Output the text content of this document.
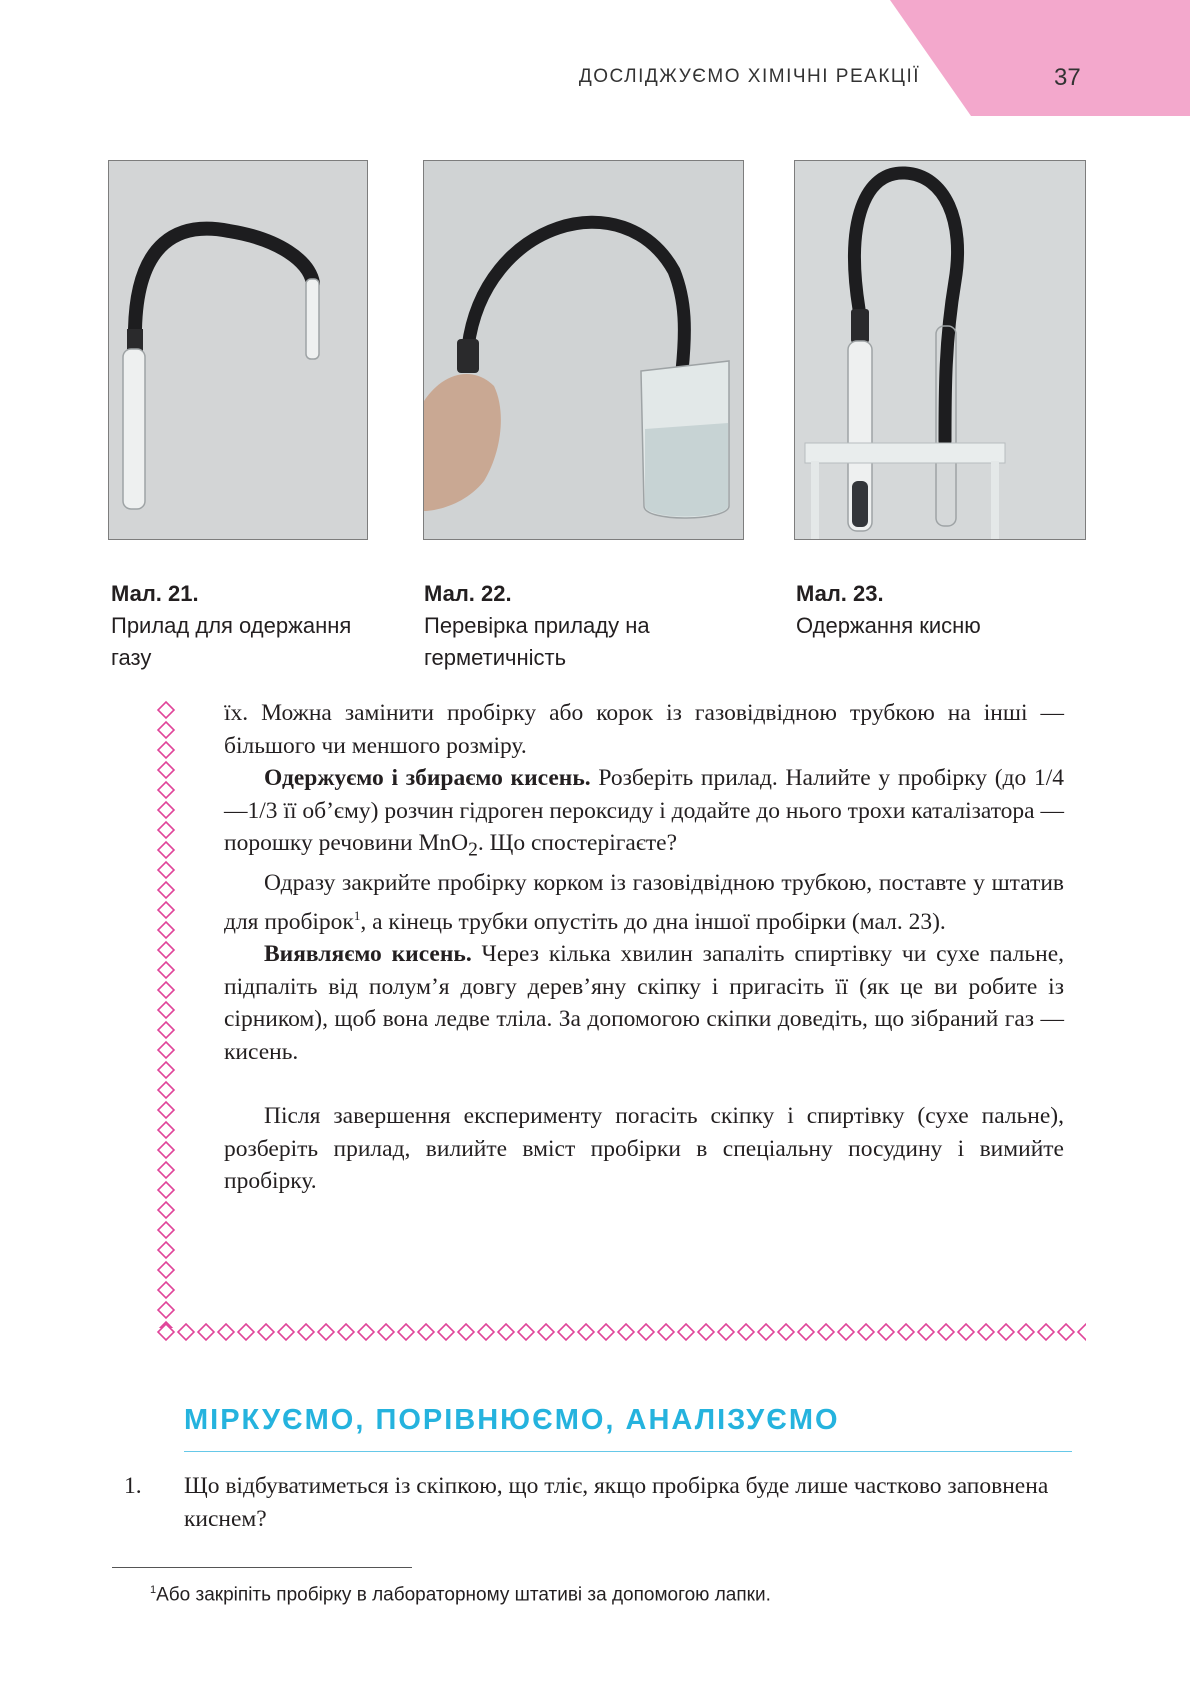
ДОСЛІДЖУЄМО ХІМІЧНІ РЕАКЦІЇ	37
Мал. 21.
Прилад для одержання газу
Мал. 22.
Перевірка приладу на герметичність
Мал. 23.
Одержання кисню

їх. Можна замінити пробірку або корок із газовідвідною трубкою на інші — більшого чи меншого розміру.

Одержуємо і збираємо кисень. Розберіть прилад. Налийте у пробірку (до 1/4—1/3 її об’єму) розчин гідроген пероксиду і додайте до нього трохи каталізатора — порошку речовини MnO$_2$. Що спостерігаєте?

Одразу закрийте пробірку корком із газовідвідною трубкою, поставте у штатив для пробірок$^1$, а кінець трубки опустіть до дна іншої пробірки (мал. 23).

Виявляємо кисень. Через кілька хвилин запаліть спиртівку чи сухе пальне, підпаліть від полум’я довгу дерев’яну скіпку і пригасіть її (як це ви робите із сірником), щоб вона ледве тліла. За допомогою скіпки доведіть, що зібраний газ — кисень.

Після завершення експерименту погасіть скіпку і спиртівку (сухе пальне), розберіть прилад, вилийте вміст пробірки в спеціальну посудину і вимийте пробірку.

МІРКУЄМО, ПОРІВНЮЄМО, АНАЛІЗУЄМО
1. Що відбуватиметься із скіпкою, що тліє, якщо пробірка буде лише частково заповнена киснем?
$^1$Або закріпіть пробірку в лабораторному штативі за допомогою лапки.
